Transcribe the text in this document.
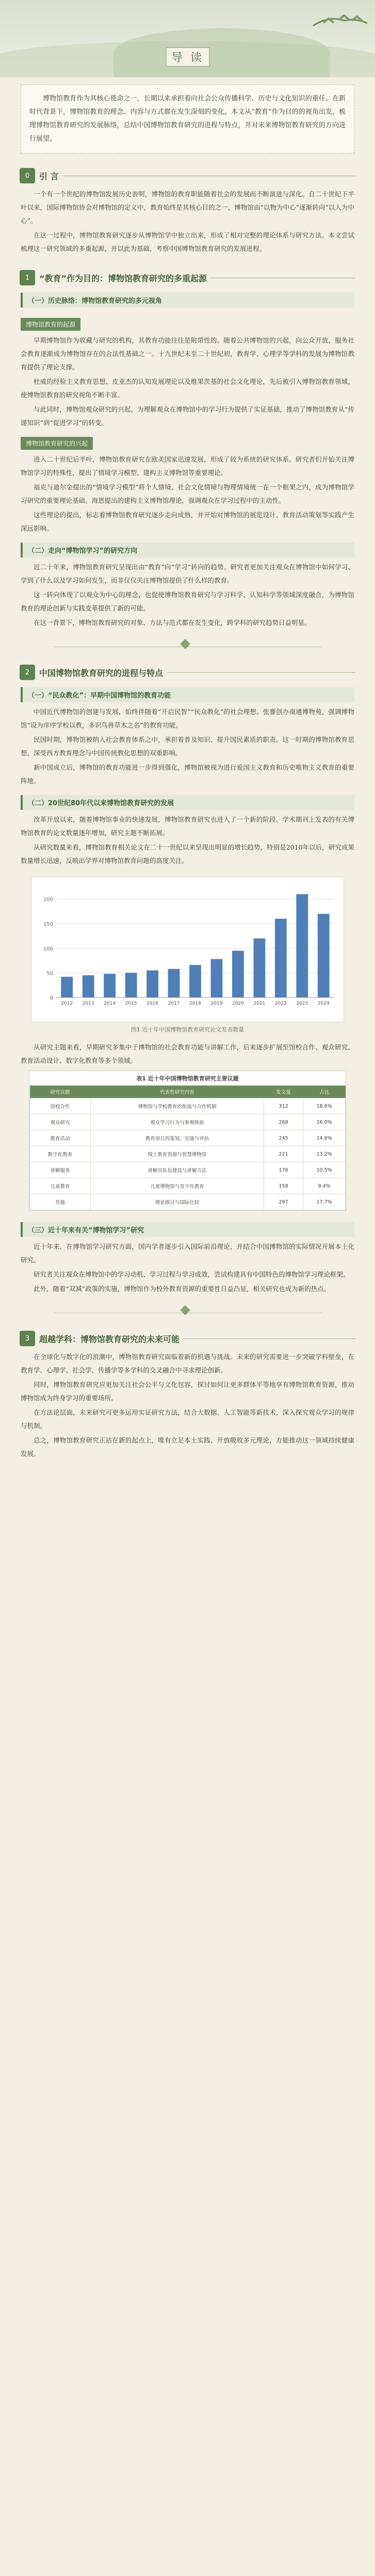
导 读
博物馆教育作为其核心使命之一，长期以来承担着向社会公众传播科学、历史与文化知识的重任。在新时代背景下，博物馆教育的理念、内容与方式都在发生深刻的变化，本文从“教育”作为目的的视角出发，梳理博物馆教育研究的发展脉络，总结中国博物馆教育研究的进程与特点，并对未来博物馆教育研究的方向进行展望。
0	引 言

一个有一个世纪的博物馆发展历史表明，博物馆的教育职能随着社会的发展而不断演进与深化。自二十世纪下半叶以来，国际博物馆协会对博物馆的定义中，教育始终是其核心目的之一，博物馆由“以物为中心”逐渐转向“以人为中心”。

在这一过程中，博物馆教育研究逐步从博物馆学中独立出来，形成了相对完整的理论体系与研究方法。本文尝试梳理这一研究领域的多重起源，并以此为基础，考察中国博物馆教育研究的发展进程。

1	“教育”作为目的：博物馆教育研究的多重起源
（一）历史脉络：博物馆教育研究的多元视角
博物馆教育的起源

早期博物馆作为收藏与研究的机构，其教育功能往往是附带性的。随着公共博物馆的兴起，向公众开放、服务社会教育逐渐成为博物馆存在的合法性基础之一。十九世纪末至二十世纪初，教育学、心理学等学科的发展为博物馆教育提供了理论支撑。

杜威的经验主义教育思想、皮亚杰的认知发展理论以及维果茨基的社会文化理论，先后被引入博物馆教育领域，使博物馆教育的研究视角不断丰富。

与此同时，博物馆观众研究的兴起，为理解观众在博物馆中的学习行为提供了实证基础，推动了博物馆教育从“传递知识”到“促进学习”的转变。

博物馆教育研究的兴起

进入二十世纪后半叶，博物馆教育研究在欧美国家迅速发展，形成了较为系统的研究体系。研究者们开始关注博物馆学习的特殊性，提出了情境学习模型、建构主义博物馆等重要理论。

福克与迪尔金提出的“情境学习模型”将个人情境、社会文化情境与物理情境统一在一个框架之内，成为博物馆学习研究的重要理论基础。海恩提出的建构主义博物馆理论，强调观众在学习过程中的主动性。

这些理论的提出，标志着博物馆教育研究逐步走向成熟，并开始对博物馆的展览设计、教育活动策划等实践产生深远影响。

（二）走向“博物馆学习”的研究方向

近二十年来，博物馆教育研究呈现出由“教育”向“学习”转向的趋势。研究者更加关注观众在博物馆中如何学习、学到了什么以及学习如何发生，而非仅仅关注博物馆提供了什么样的教育。

这一转向体现了以观众为中心的理念，也促使博物馆教育研究与学习科学、认知科学等领域深度融合，为博物馆教育的理论创新与实践变革提供了新的可能。

在这一背景下，博物馆教育研究的对象、方法与范式都在发生变化，跨学科的研究趋势日益明显。

2	中国博物馆教育研究的进程与特点
（一）“民众教化”：早期中国博物馆的教育功能

中国近代博物馆的创建与发展，始终伴随着“开启民智”“民众教化”的社会理想。张謇创办南通博物苑，强调博物馆“设为庠序学校以教，多识鸟兽草木之名”的教育功能。

民国时期，博物馆被纳入社会教育体系之中，承担着普及知识、提升国民素质的职责。这一时期的博物馆教育思想，深受西方教育理念与中国传统教化思想的双重影响。

新中国成立后，博物馆的教育功能进一步得到强化，博物馆被视为进行爱国主义教育和历史唯物主义教育的重要阵地。

（二）20世纪80年代以来博物馆教育研究的发展

改革开放以来，随着博物馆事业的快速发展，博物馆教育研究也进入了一个新的阶段。学术期刊上发表的有关博物馆教育的论文数量逐年增加，研究主题不断拓展。

从研究数量来看，博物馆教育相关论文在二十一世纪以来呈现出明显的增长趋势，特别是2010年以后，研究成果数量增长迅速，反映出学界对博物馆教育问题的高度关注。

0
50
100
150
200
2012 2013 2014 2015 2016 2017 2018 2019 2020 2021 2022 2023 2024
图1 近十年中国博物馆教育研究论文发表数量

从研究主题来看，早期研究多集中于博物馆的社会教育功能与讲解工作，后来逐步扩展至馆校合作、观众研究、教育活动设计、数字化教育等多个领域。

表1 近十年中国博物馆教育研究主要议题
研究议题	代表性研究内容	发文量	占比
馆校合作	博物馆与学校教育的衔接与合作机制	312	18.6%
观众研究	观众学习行为与参观体验	268	16.0%
教育活动	教育项目的策划、实施与评估	245	14.6%
数字化教育	线上教育资源与智慧博物馆	221	13.2%
讲解服务	讲解员队伍建设与讲解方法	176	10.5%
儿童教育	儿童博物馆与青少年教育	158	9.4%
其他	理论探讨与国际比较	297	17.7%
（三）近十年来有关“博物馆学习”研究

近十年来，在博物馆学习研究方面，国内学者逐步引入国际前沿理论，并结合中国博物馆的实际情况开展本土化研究。

研究者关注观众在博物馆中的学习动机、学习过程与学习成效，尝试构建具有中国特色的博物馆学习理论框架。

此外，随着“双减”政策的实施，博物馆作为校外教育资源的重要性日益凸显，相关研究也成为新的热点。

3	超越学科：博物馆教育研究的未来可能

在全球化与数字化的浪潮中，博物馆教育研究面临着新的机遇与挑战。未来的研究需要进一步突破学科壁垒，在教育学、心理学、社会学、传播学等多学科的交叉融合中寻求理论创新。

同时，博物馆教育研究应更加关注社会公平与文化包容，探讨如何让更多群体平等地享有博物馆教育资源，推动博物馆成为终身学习的重要场所。

在方法论层面，未来研究可更多运用实证研究方法，结合大数据、人工智能等新技术，深入探究观众学习的规律与机制。

总之，博物馆教育研究正站在新的起点上，唯有立足本土实践、开放吸收多元理论，方能推动这一领域持续健康发展。
